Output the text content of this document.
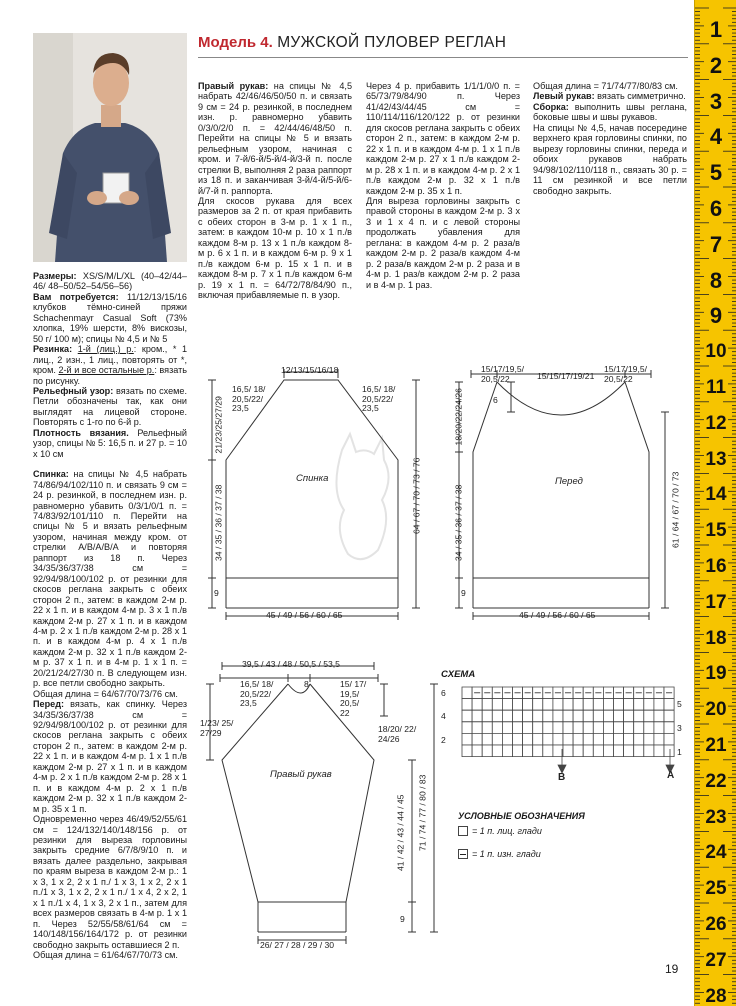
Модель 4. МУЖСКОЙ ПУЛОВЕР РЕГЛАН

Размеры: XS/S/M/L/XL (40–42/44–46/ 48–50/52–54/56–56)

Вам потребуется: 11/12/13/15/16 клубков тёмно-синей пряжи Schachenmayr Casual Soft (73% хлопка, 19% шерсти, 8% вискозы, 50 г/ 100 м); спицы № 4,5 и № 5

Резинка: 1-й (лиц.) р.: кром., * 1 лиц., 2 изн., 1 лиц., повторять от *, кром. 2-й и все остальные р.: вязать по рисунку.

Рельефный узор: вязать по схеме. Петли обозначены так, как они выглядят на лицевой стороне. Повторять с 1-го по 6-й р.

Плотность вязания. Рельефный узор, спицы № 5: 16,5 п. и 27 р. = 10 х 10 см

Спинка: на спицы № 4,5 набрать 74/86/94/102/110 п. и связать 9 см = 24 р. резинкой, в последнем изн. р. равномерно убавить 0/3/1/0/1 п. = 74/83/92/101/110 п. Перейти на спицы № 5 и вязать рельефным узором, начиная между кром. от стрелки А/В/А/В/А и повторяя раппорт из 18 п. Через 34/35/36/37/38 см = 92/94/98/100/102 р. от резинки для скосов реглана закрыть с обеих сторон 2 п., затем: в каждом 2-м р. 22 х 1 п. и в каждом 4-м р. 3 х 1 п./в каждом 2-м р. 27 х 1 п. и в каждом 4-м р. 2 х 1 п./в каждом 2-м р. 28 х 1 п. и в каждом 4-м р. 4 х 1 п./в каждом 2-м р. 32 х 1 п./в каждом 2-м р. 37 х 1 п. и в 4-м р. 1 х 1 п. = 20/21/24/27/30 п. В следующем изн. р. все петли свободно закрыть.

Общая длина = 64/67/70/73/76 см.

Перед: вязать, как спинку. Через 34/35/36/37/38 см = 92/94/98/100/102 р. от резинки для скосов реглана закрыть с обеих сторон 2 п., затем: в каждом 2-м р. 22 х 1 п. и в каждом 4-м р. 1 х 1 п./в каждом 2-м р. 27 х 1 п. и в каждом 4-м р. 2 х 1 п./в каждом 2-м р. 28 х 1 п. и в каждом 4-м р. 2 х 1 п./в каждом 2-м р. 32 х 1 п./в каждом 2-м р. 35 х 1 п.

Одновременно через 46/49/52/55/61 см = 124/132/140/148/156 р. от резинки для выреза горловины закрыть средние 6/7/8/9/10 п. и вязать далее раздельно, закрывая по краям выреза в каждом 2-м р.: 1 х 3, 1 х 2, 2 х 1 п./ 1 х 3, 1 х 2, 2 х 1 п./1 х 3, 1 х 2, 2 х 1 п./ 1 х 4, 2 х 2, 1 х 1 п./1 х 4, 1 х 3, 2 х 1 п., затем для всех размеров связать в 4-м р. 1 х 1 п. Через 52/55/58/61/64 см = 140/148/156/164/172 р. от резинки свободно закрыть оставшиеся 2 п.

Общая длина = 61/64/67/70/73 см.

Правый рукав: на спицы № 4,5 набрать 42/46/46/50/50 п. и связать 9 см = 24 р. резинкой, в последнем изн. р. равномерно убавить 0/3/0/2/0 п. = 42/44/46/48/50 п. Перейти на спицы № 5 и вязать рельефным узором, начиная с кром. и 7-й/6-й/5-й/4-й/3-й п. после стрелки В, выполняя 2 раза раппорт из 18 п. и заканчивая 3-й/4-й/5-й/6-й/7-й п. раппорта.

Для скосов рукава для всех размеров за 2 п. от края прибавить с обеих сторон в 3-м р. 1 х 1 п., затем: в каждом 10-м р. 10 х 1 п./в каждом 8-м р. 13 х 1 п./в каждом 8-м р. 6 х 1 п. и в каждом 6-м р. 9 х 1 п./в каждом 6-м р. 15 х 1 п. и в каждом 8-м р. 7 х 1 п./в каждом 6-м р. 19 х 1 п. = 64/72/78/84/90 п., включая прибавляемые п. в узор.

Через 4 р. прибавить 1/1/1/0/0 п. = 65/73/79/84/90 п. Через 41/42/43/44/45 см = 110/114/116/120/122 р. от резинки для скосов реглана закрыть с обеих сторон 2 п., затем: в каждом 2-м р. 22 х 1 п. и в каждом 4-м р. 1 х 1 п./в каждом 2-м р. 27 х 1 п./в каждом 2-м р. 28 х 1 п. и в каждом 4-м р. 2 х 1 п./в каждом 2-м р. 32 х 1 п./в каждом 2-м р. 35 х 1 п.

Для выреза горловины закрыть с правой стороны в каждом 2-м р. 3 х 3 и 1 х 4 п. и с левой стороны продолжать убавления для реглана: в каждом 4-м р. 2 раза/в каждом 2-м р. 2 раза/в каждом 4-м р. 2 раза/в каждом 2-м р. 2 раза и в 4-м р. 1 раз/в каждом 2-м р. 2 раза и в 4-м р. 1 раз.

Общая длина = 71/74/77/80/83 см.

Левый рукав: вязать симметрично.

Сборка: выполнить швы реглана, боковые швы и швы рукавов.

На спицы № 4,5, начав посередине верхнего края горловины спинки, по вырезу горловины спинки, переда и обоих рукавов набрать 94/98/102/110/118 п., связать 30 р. = 11 см резинкой и все петли свободно закрыть.

12/13/15/16/18
16,5/ 18/ 20,5/22/ 23,5
16,5/ 18/ 20,5/22/ 23,5
21/23/25/27/29
34 / 35 / 36 / 37 / 38
9
64 / 67 / 70 / 73 / 76
Спинка
45 / 49 / 56 / 60 / 65
15/17/19,5/ 20,5/22	15/15/17/19/21
15/17/19,5/ 20,5/22
6
18/20/22/24/26
34 / 35 / 36 / 37 / 38
9
61 / 64 / 67 / 70 / 73
Перед
45 / 49 / 56 / 60 / 65
39,5 / 43 / 48 / 50,5 / 53,5
16,5/ 18/ 20,5/22/ 23,5
8	15/ 17/ 19,5/ 20,5/ 22
1/23/ 25/ 27/29	18/20/ 22/ 24/26
Правый рукав
41 / 42 / 43 / 44 / 45 71 / 74 / 77 / 80 / 83
9
26/ 27 / 28 / 29 / 30
СХЕМА
6
4
2
5
3
1
B	A
УСЛОВНЫЕ ОБОЗНАЧЕНИЯ
= 1 п. лиц. глади
= 1 п. изн. глади
19
1
2
3
4
5
6
7
8
9
10
11
12
13
14
15
16
17
18
19
20
21
22
23
24
25
26
27
28
